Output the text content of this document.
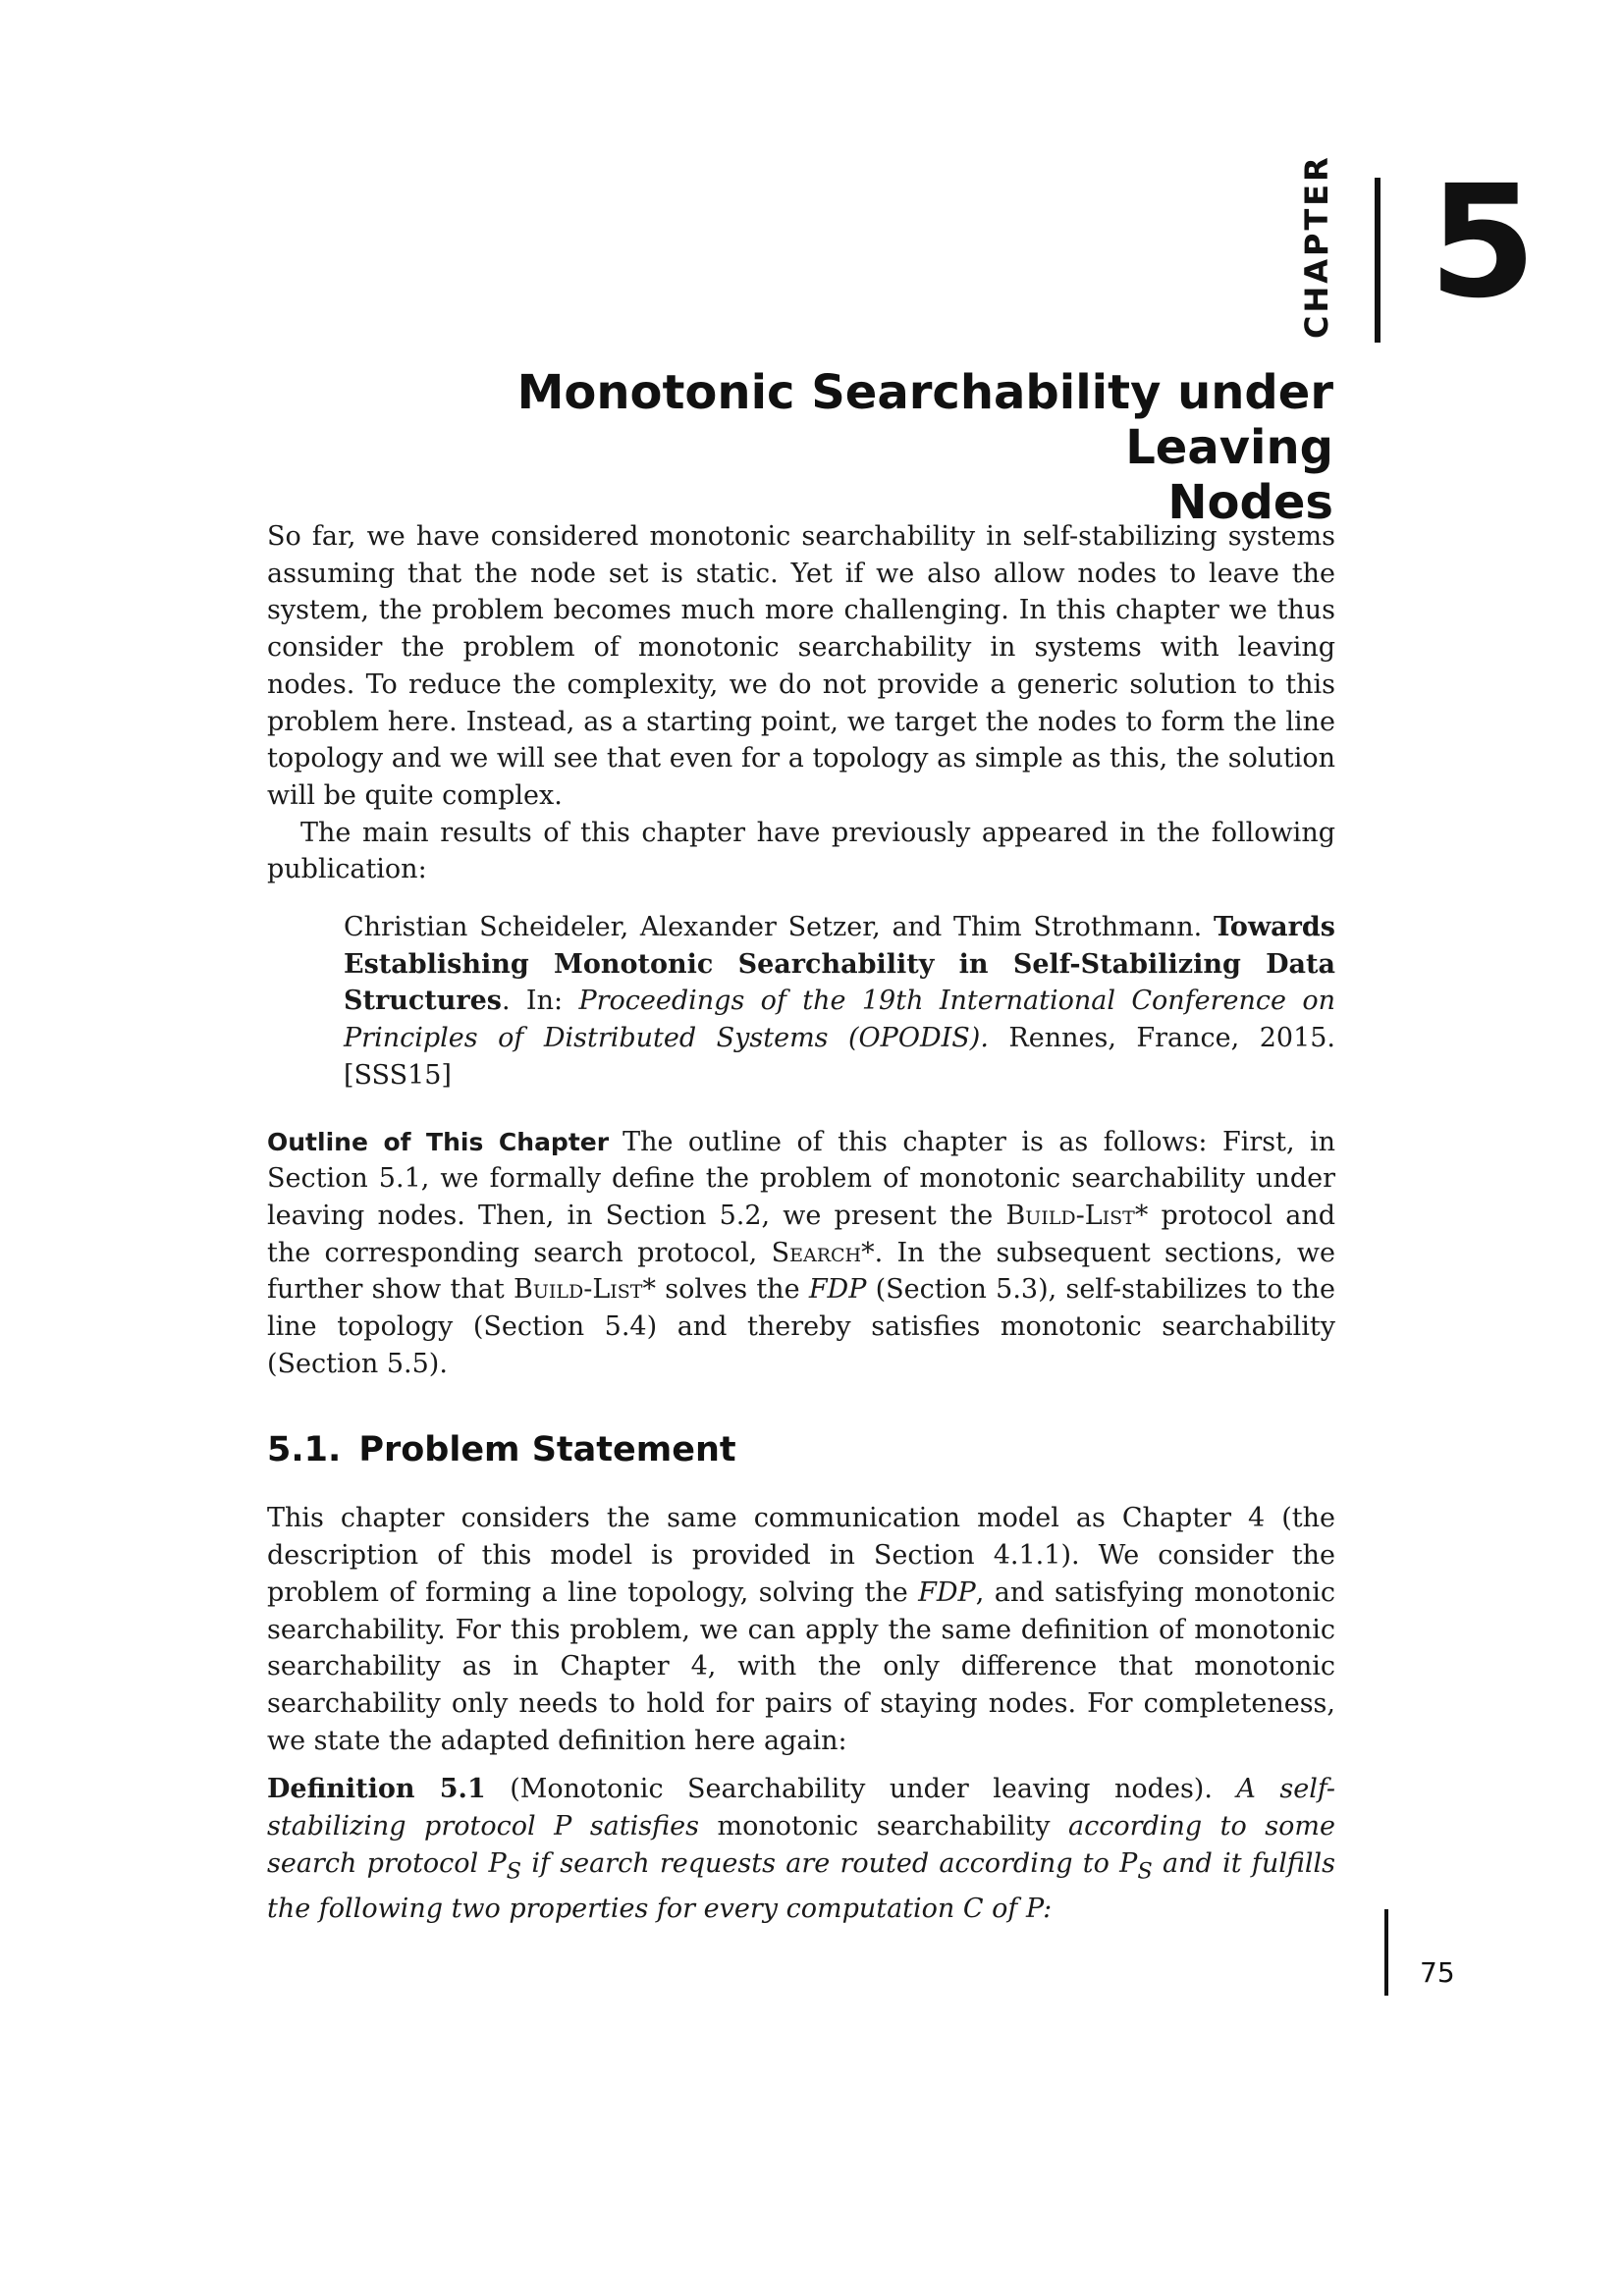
CHAPTER 5
Monotonic Searchability under Leaving
Nodes

So far, we have considered monotonic searchability in self-stabilizing systems assuming that the node set is static. Yet if we also allow nodes to leave the system, the problem becomes much more challenging. In this chapter we thus consider the problem of monotonic searchability in systems with leaving nodes. To reduce the complexity, we do not provide a generic solution to this problem here. Instead, as a starting point, we target the nodes to form the line topology and we will see that even for a topology as simple as this, the solution will be quite complex.

The main results of this chapter have previously appeared in the following publication:

Christian Scheideler, Alexander Setzer, and Thim Strothmann. Towards Establishing Monotonic Searchability in Self-Stabilizing Data Structures. In: Proceedings of the 19th International Conference on Principles of Distributed Systems (OPODIS). Rennes, France, 2015. [SSS15]

Outline of This Chapter The outline of this chapter is as follows: First, in Section 5.1, we formally define the problem of monotonic searchability under leaving nodes. Then, in Section 5.2, we present the Build-List* protocol and the corresponding search protocol, Search*. In the subsequent sections, we further show that Build-List* solves the FDP (Section 5.3), self-stabilizes to the line topology (Section 5.4) and thereby satisfies monotonic searchability (Section 5.5).

5.1. Problem Statement

This chapter considers the same communication model as Chapter 4 (the description of this model is provided in Section 4.1.1). We consider the problem of forming a line topology, solving the FDP, and satisfying monotonic searchability. For this problem, we can apply the same definition of monotonic searchability as in Chapter 4, with the only difference that monotonic searchability only needs to hold for pairs of staying nodes. For completeness, we state the adapted definition here again:

Definition 5.1 (Monotonic Searchability under leaving nodes). A self-stabilizing protocol P satisfies monotonic searchability according to some search protocol $P_S$ if search requests are routed according to $P_S$ and it fulfills the following two properties for every computation C of P:

75
